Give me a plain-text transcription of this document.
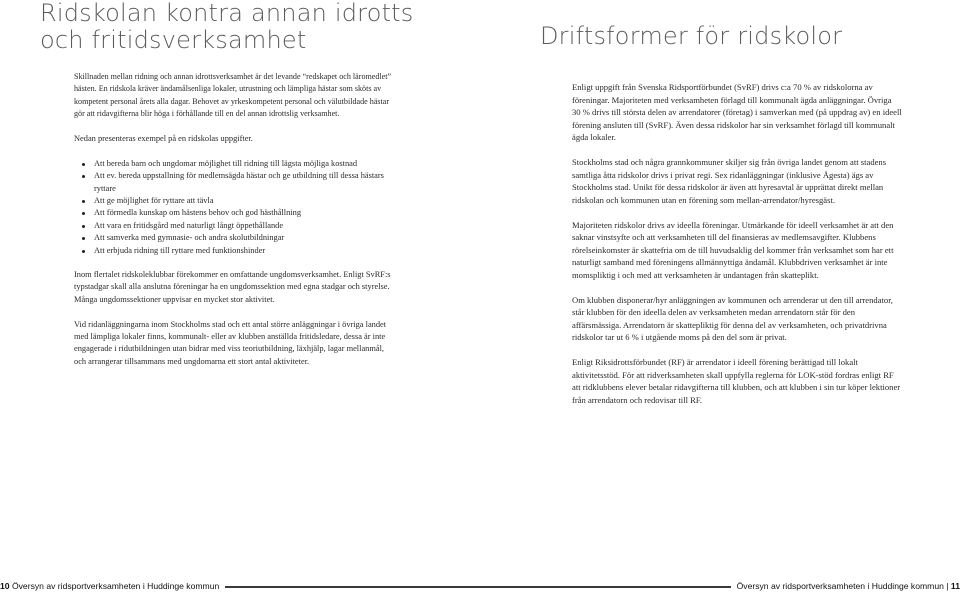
Ridskolan kontra annan idrotts
och fritidsverksamhet

Skillnaden mellan ridning och annan idrottsverksamhet är det levande “redskapet och läromedlet” hästen. En ridskola kräver ändamålsenliga lokaler, utrustning och lämpliga hästar som sköts av kompetent personal årets alla dagar. Behovet av yrkeskompetent personal och välutbildade hästar gör att ridavgifterna blir höga i förhållande till en del annan idrottslig verksamhet.

Nedan presenteras exempel på en ridskolas uppgifter.

Att bereda barn och ungdomar möjlighet till ridning till lägsta möjliga kostnad
Att ev. bereda uppstallning för medlemsägda hästar och ge utbildning till dessa hästars ryttare
Att ge möjlighet för ryttare att tävla
Att förmedla kunskap om hästens behov och god hästhållning
Att vara en fritidsgård med naturligt långt öppethållande
Att samverka med gymnasie- och andra skolutbildningar
Att erbjuda ridning till ryttare med funktionshinder

Inom flertalet ridskoleklubbar förekommer en omfattande ungdomsverksamhet. Enligt SvRF:s typstadgar skall alla anslutna föreningar ha en ungdomssektion med egna stadgar och styrelse. Många ungdomssektioner uppvisar en mycket stor aktivitet.

Vid ridanläggningarna inom Stockholms stad och ett antal större anläggningar i övriga landet med lämpliga lokaler finns, kommunalt- eller av klubben anställda fritidsledare, dessa är inte engagerade i ridutbildningen utan bidrar med viss teoriutbildning, läxhjälp, lagar mellanmål, och arrangerar tillsammans med ungdomarna ett stort antal aktiviteter.

10 Översyn av ridsportverksamheten i Huddinge kommun
Driftsformer för ridskolor

Enligt uppgift från Svenska Ridsportförbundet (SvRF) drivs c:a 70 % av ridskolorna av föreningar. Majoriteten med verksamheten förlagd till kommunalt ägda anläggningar. Övriga 30 % drivs till största delen av arrendatorer (företag) i samverkan med (på uppdrag av) en ideell förening ansluten till (SvRF). Även dessa ridskolor har sin verksamhet förlagd till kommunalt ägda lokaler.

Stockholms stad och några grannkommuner skiljer sig från övriga landet genom att stadens samtliga åtta ridskolor drivs i privat regi. Sex ridanläggningar (inklusive Ågesta) ägs av Stockholms stad. Unikt för dessa ridskolor är även att hyresavtal är upprättat direkt mellan ridskolan och kommunen utan en förening som mellan-arrendator/hyresgäst.

Majoriteten ridskolor drivs av ideella föreningar. Utmärkande för ideell verksamhet är att den saknar vinstsyfte och att verksamheten till del finansieras av medlemsavgifter. Klubbens rörelseinkomster är skattefria om de till huvudsaklig del kommer från verksamhet som har ett naturligt samband med föreningens allmännyttiga ändamål. Klubbdriven verksamhet är inte momspliktig i och med att verksamheten är undantagen från skatteplikt.

Om klubben disponerar/hyr anläggningen av kommunen och arrenderar ut den till arrendator, står klubben för den ideella delen av verksamheten medan arrendatorn står för den affärsmässiga. Arrendatorn är skattepliktig för denna del av verksamheten, och privatdrivna ridskolor tar ut 6 % i utgående moms på den del som är privat.

Enligt Riksidrottsförbundet (RF) är arrendator i ideell förening berättigad till lokalt aktivitetsstöd. För att ridverksamheten skall uppfylla reglerna för LOK-stöd fordras enligt RF att ridklubbens elever betalar ridavgifterna till klubben, och att klubben i sin tur köper lektioner från arrendatorn och redovisar till RF.

Översyn av ridsportverksamheten i Huddinge kommun | 11
